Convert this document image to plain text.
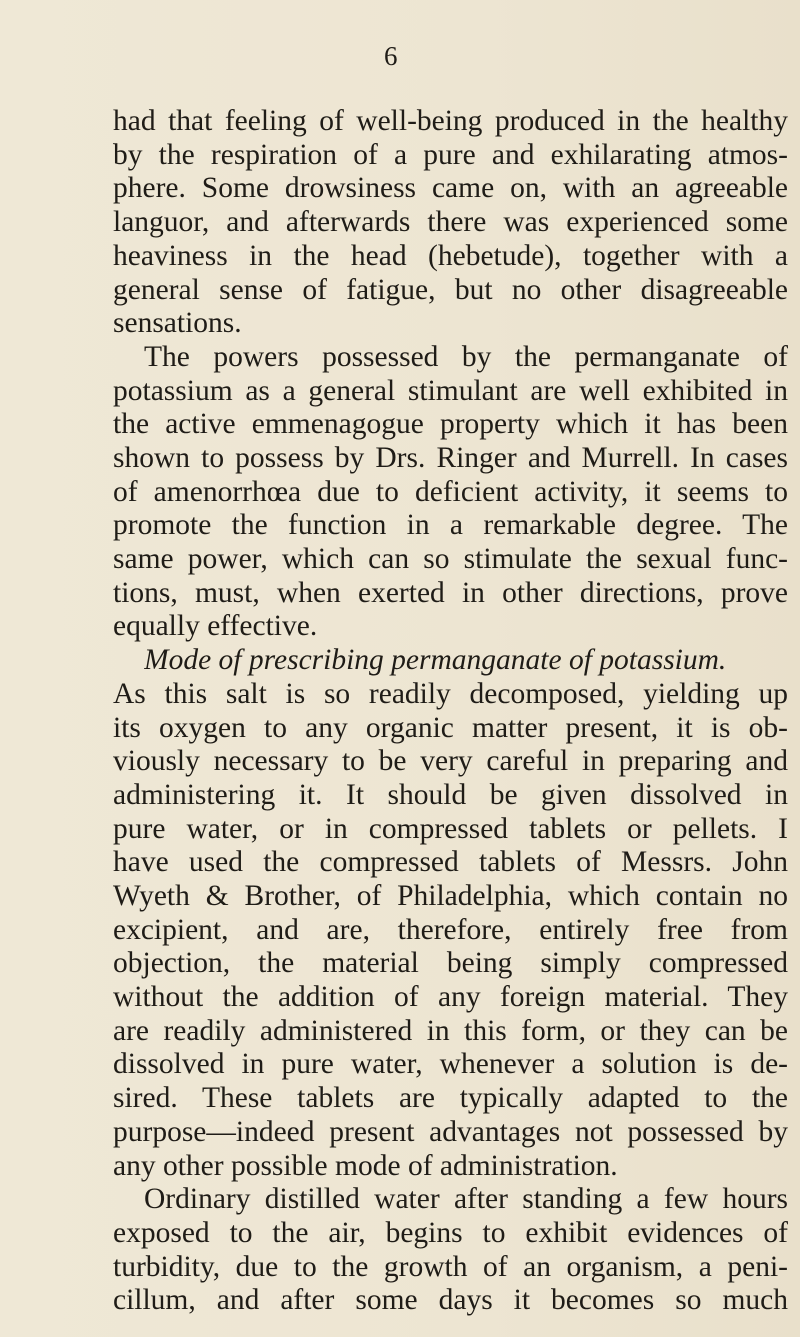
6

had that feeling of well-being produced in the healthy

by the respiration of a pure and exhilarating atmos-

phere. Some drowsiness came on, with an agreeable

languor, and afterwards there was experienced some

heaviness in the head (hebetude), together with a

general sense of fatigue, but no other disagreeable

sensations.

The powers possessed by the permanganate of

potassium as a general stimulant are well exhibited in

the active emmenagogue property which it has been

shown to possess by Drs. Ringer and Murrell. In cases

of amenorrhœa due to deficient activity, it seems to

promote the function in a remarkable degree. The

same power, which can so stimulate the sexual func-

tions, must, when exerted in other directions, prove

equally effective.

Mode of prescribing permanganate of potassium.

As this salt is so readily decomposed, yielding up

its oxygen to any organic matter present, it is ob-

viously necessary to be very careful in preparing and

administering it. It should be given dissolved in

pure water, or in compressed tablets or pellets. I

have used the compressed tablets of Messrs. John

Wyeth & Brother, of Philadelphia, which contain no

excipient, and are, therefore, entirely free from

objection, the material being simply compressed

without the addition of any foreign material. They

are readily administered in this form, or they can be

dissolved in pure water, whenever a solution is de-

sired. These tablets are typically adapted to the

purpose—indeed present advantages not possessed by

any other possible mode of administration.

Ordinary distilled water after standing a few hours

exposed to the air, begins to exhibit evidences of

turbidity, due to the growth of an organism, a peni-

cillum, and after some days it becomes so much
